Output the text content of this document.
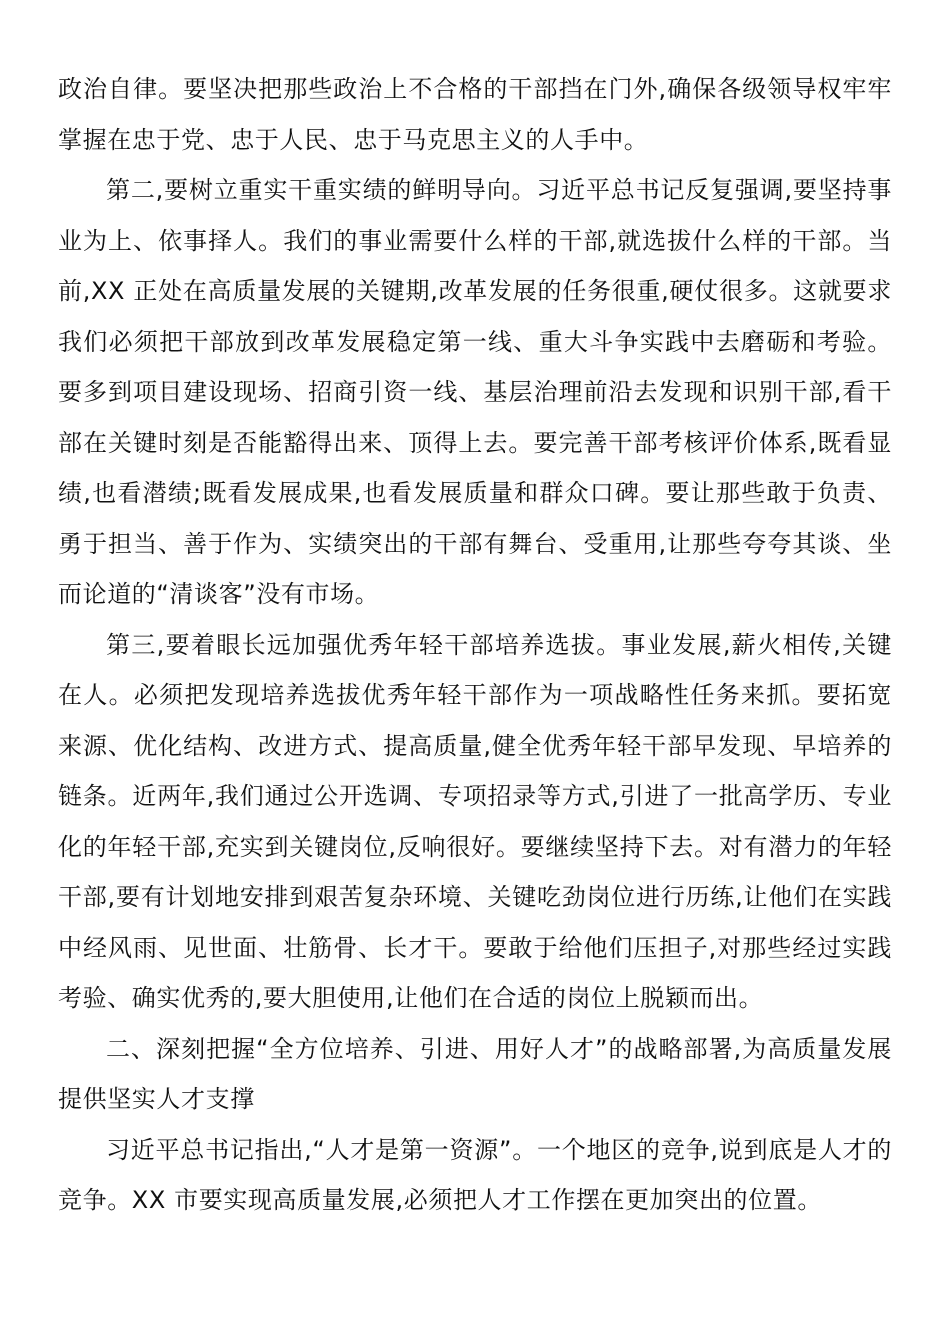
政治自律。要坚决把那些政治上不合格的干部挡在门外,确保各级领导权牢牢掌握在忠于党、忠于人民、忠于马克思主义的人手中。

第二,要树立重实干重实绩的鲜明导向。习近平总书记反复强调,要坚持事业为上、依事择人。我们的事业需要什么样的干部,就选拔什么样的干部。当前,XX 正处在高质量发展的关键期,改革发展的任务很重,硬仗很多。这就要求我们必须把干部放到改革发展稳定第一线、重大斗争实践中去磨砺和考验。要多到项目建设现场、招商引资一线、基层治理前沿去发现和识别干部,看干部在关键时刻是否能豁得出来、顶得上去。要完善干部考核评价体系,既看显绩,也看潜绩;既看发展成果,也看发展质量和群众口碑。要让那些敢于负责、勇于担当、善于作为、实绩突出的干部有舞台、受重用,让那些夸夸其谈、坐而论道的“清谈客”没有市场。

第三,要着眼长远加强优秀年轻干部培养选拔。事业发展,薪火相传,关键在人。必须把发现培养选拔优秀年轻干部作为一项战略性任务来抓。要拓宽来源、优化结构、改进方式、提高质量,健全优秀年轻干部早发现、早培养的链条。近两年,我们通过公开选调、专项招录等方式,引进了一批高学历、专业化的年轻干部,充实到关键岗位,反响很好。要继续坚持下去。对有潜力的年轻干部,要有计划地安排到艰苦复杂环境、关键吃劲岗位进行历练,让他们在实践中经风雨、见世面、壮筋骨、长才干。要敢于给他们压担子,对那些经过实践考验、确实优秀的,要大胆使用,让他们在合适的岗位上脱颖而出。

二、深刻把握“全方位培养、引进、用好人才”的战略部署,为高质量发展提供坚实人才支撑

习近平总书记指出,“人才是第一资源”。一个地区的竞争,说到底是人才的竞争。XX 市要实现高质量发展,必须把人才工作摆在更加突出的位置。
